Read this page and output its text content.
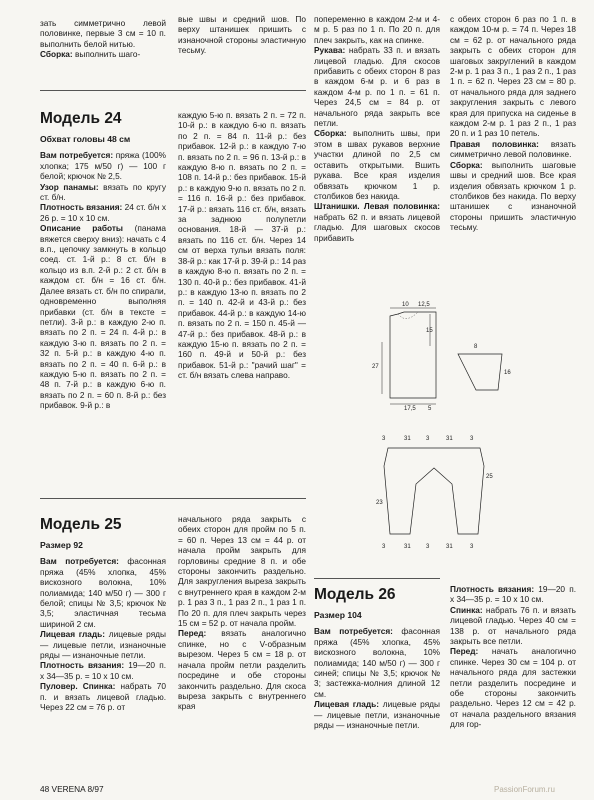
зать симметрично левой половинке, первые 3 см = 10 п. выполнить белой нитью.

Сборка: выполнить шаго-

вые швы и средний шов. По верху штанишек пришить с изнаночной стороны эластичную тесьму.

попеременно в каждом 2-м и 4-м р. 5 раз по 1 п. По 20 п. для плеч закрыть, как на спинке.

Рукава: набрать 33 п. и вязать лицевой гладью. Для скосов прибавить с обеих сторон 8 раз в каждом 6-м р. и 6 раз в каждом 4-м р. по 1 п. = 61 п. Через 24,5 см = 84 р. от начального ряда закрыть все петли.

Сборка: выполнить швы, при этом в швах рукавов верхние участки длиной по 2,5 см оставить открытыми. Вшить рукава. Все края изделия обвязать крючком 1 р. столбиков без накида.

Штанишки. Левая половинка: набрать 62 п. и вязать лицевой гладью. Для шаговых скосов прибавить

с обеих сторон 6 раз по 1 п. в каждом 10-м р. = 74 п. Через 18 см = 62 р. от начального ряда закрыть с обеих сторон для шаговых закруглений в каждом 2-м р. 1 раз 3 п., 1 раз 2 п., 1 раз 1 п. = 62 п. Через 23 см = 80 р. от начального ряда для заднего закругления закрыть с левого края для припуска на сиденье в каждом 2-м р. 1 раз 2 п., 1 раз 20 п. и 1 раз 10 петель.

Правая половинка: вязать симметрично левой половинке.

Сборка: выполнить шаговые швы и средний шов. Все края изделия обвязать крючком 1 р. столбиков без накида. По верху штанишек с изнаночной стороны пришить эластичную тесьму.

Модель 24
Обхват головы 48 см

Вам потребуется: пряжа (100% хлопка; 175 м/50 г) — 100 г белой; крючок № 2,5.

Узор панамы: вязать по кругу ст. б/н.

Плотность вязания: 24 ст. б/н х 26 р. = 10 х 10 см.

Описание работы (панама вяжется сверху вниз): начать с 4 в.п., цепочку замкнуть в кольцо соед. ст. 1-й р.: 8 ст. б/н в кольцо из в.п. 2-й р.: 2 ст. б/н в каждом ст. б/н = 16 ст. б/н. Далее вязать ст. б/н по спирали, одновременно выполняя прибавки (ст. б/н в тексте = петли). 3-й р.: в каждую 2-ю п. вязать по 2 п. = 24 п. 4-й р.: в каждую 3-ю п. вязать по 2 п. = 32 п. 5-й р.: в каждую 4-ю п. вязать по 2 п. = 40 п. 6-й р.: в каждую 5-ю п. вязать по 2 п. = 48 п. 7-й р.: в каждую 6-ю п. вязать по 2 п. = 60 п. 8-й р.: без прибавок. 9-й р.: в

каждую 5-ю п. вязать 2 п. = 72 п. 10-й р.: в каждую 6-ю п. вязать по 2 п. = 84 п. 11-й р.: без прибавок. 12-й р.: в каждую 7-ю п. вязать по 2 п. = 96 п. 13-й р.: в каждую 8-ю п. вязать по 2 п. = 108 п. 14-й р.: без прибавок. 15-й р.: в каждую 9-ю п. вязать по 2 п. = 116 п. 16-й р.: без прибавок. 17-й р.: вязать 116 ст. б/н, вязать за заднюю полупетли основания. 18-й — 37-й р.: вязать по 116 ст. б/н. Через 14 см от верха тульи вязать поля: 38-й р.: как 17-й р. 39-й р.: 14 раз в каждую 8-ю п. вязать по 2 п. = 130 п. 40-й р.: без прибавок. 41-й р.: в каждую 13-ю п. вязать по 2 п. = 140 п. 42-й и 43-й р.: без прибавок. 44-й р.: в каждую 14-ю п. вязать по 2 п. = 150 п. 45-й — 47-й р.: без прибавок. 48-й р.: в каждую 15-ю п. вязать по 2 п. = 160 п. 49-й и 50-й р.: без прибавок. 51-й р.: "рачий шаг" = ст. б/н вязать слева направо.

Модель 25
Размер 92

Вам потребуется: фасонная пряжа (45% хлопка, 45% вискозного волокна, 10% полиамида; 140 м/50 г) — 300 г белой; спицы № 3,5; крючок № 3,5; эластичная тесьма шириной 2 см.

Лицевая гладь: лицевые ряды — лицевые петли, изнаночные ряды — изнаночные петли.

Плотность вязания: 19—20 п. х 34—35 р. = 10 х 10 см.

Пуловер. Спинка: набрать 70 п. и вязать лицевой гладью. Через 22 см = 76 р. от

начального ряда закрыть с обеих сторон для пройм по 5 п. = 60 п. Через 13 см = 44 р. от начала пройм закрыть для горловины средние 8 п. и обе стороны закончить раздельно. Для закругления выреза закрыть с внутреннего края в каждом 2-м р. 1 раз 3 п., 1 раз 2 п., 1 раз 1 п. По 20 п. для плеч закрыть через 15 см = 52 р. от начала пройм.

Перед: вязать аналогично спинке, но с V-образным вырезом. Через 5 см = 18 р. от начала пройм петли разделить посредине и обе стороны закончить раздельно. Для скоса выреза закрыть с внутреннего края

Модель 26
Размер 104

Вам потребуется: фасонная пряжа (45% хлопка, 45% вискозного волокна, 10% полиамида; 140 м/50 г) — 300 г синей; спицы № 3,5; крючок № 3; застежка-молния длиной 12 см.

Лицевая гладь: лицевые ряды — лицевые петли, изнаночные ряды — изнаночные петли.

Плотность вязания: 19—20 п. х 34—35 р. = 10 х 10 см.

Спинка: набрать 76 п. и вязать лицевой гладью. Через 40 см = 138 р. от начального ряда закрыть все петли.

Перед: начать аналогично спинке. Через 30 см = 104 р. от начального ряда для застежки петли разделить посредине и обе стороны закончить раздельно. Через 12 см = 42 р. от начала раздельного вязания для гор-

10 12,5
15
27
17,5 5
8
16
3	31	3	31	3
23
25
3	31	3	31	3
48 VERENA 8/97	PassionForum.ru
